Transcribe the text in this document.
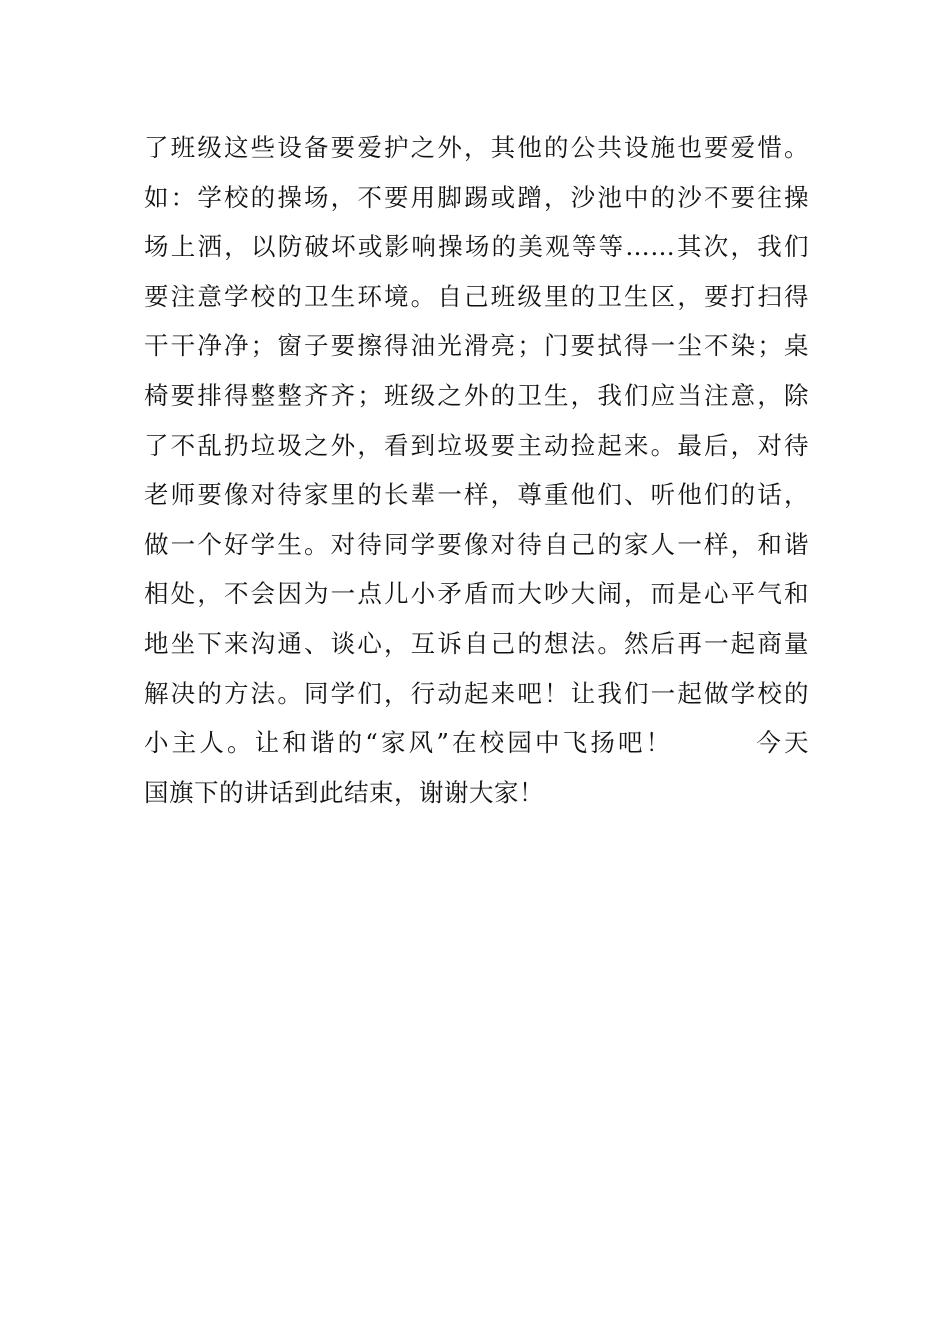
了班级这些设备要爱护之外，其他的公共设施也要爱惜。
如：学校的操场，不要用脚踢或蹭，沙池中的沙不要往操
场上洒，以防破坏或影响操场的美观等等……其次，我们
要注意学校的卫生环境。自己班级里的卫生区，要打扫得
干干净净；窗子要擦得油光滑亮；门要拭得一尘不染；桌
椅要排得整整齐齐；班级之外的卫生，我们应当注意，除
了不乱扔垃圾之外，看到垃圾要主动捡起来。最后，对待
老师要像对待家里的长辈一样，尊重他们、听他们的话，
做一个好学生。对待同学要像对待自己的家人一样，和谐
相处，不会因为一点儿小矛盾而大吵大闹，而是心平气和
地坐下来沟通、谈心，互诉自己的想法。然后再一起商量
解决的方法。同学们，行动起来吧！让我们一起做学校的
小主人。让和谐的“家风”在校园中飞扬吧！　　　今天
国旗下的讲话到此结束，谢谢大家！
